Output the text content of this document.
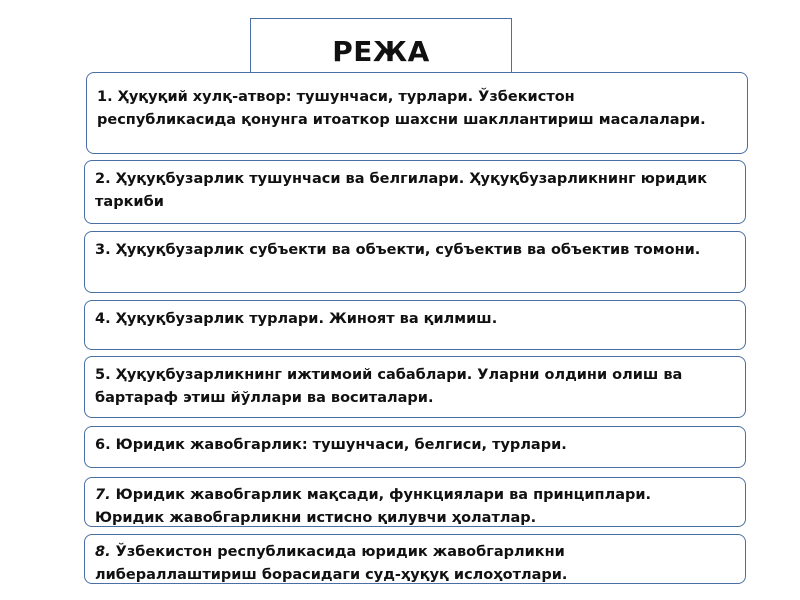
РЕЖА
1. Ҳуқуқий хулқ-атвор: тушунчаси, турлари. Ўзбекистон
республикасида қонунга итоаткор шахсни шакллантириш масалалари.
2. Ҳуқуқбузарлик тушунчаси ва белгилари. Ҳуқуқбузарликнинг юридик
таркиби
3. Ҳуқуқбузарлик субъекти ва объекти, субъектив ва объектив томони.
4. Ҳуқуқбузарлик турлари. Жиноят ва қилмиш.
5. Ҳуқуқбузарликнинг ижтимоий сабаблари. Уларни олдини олиш ва
бартараф этиш йўллари ва воситалари.
6. Юридик жавобгарлик: тушунчаси, белгиси, турлари.
7. Юридик жавобгарлик мақсади, функциялари ва принциплари.
Юридик жавобгарликни истисно қилувчи ҳолатлар.
8. Ўзбекистон республикасида юридик жавобгарликни
либераллаштириш борасидаги суд-ҳуқуқ ислоҳотлари.
